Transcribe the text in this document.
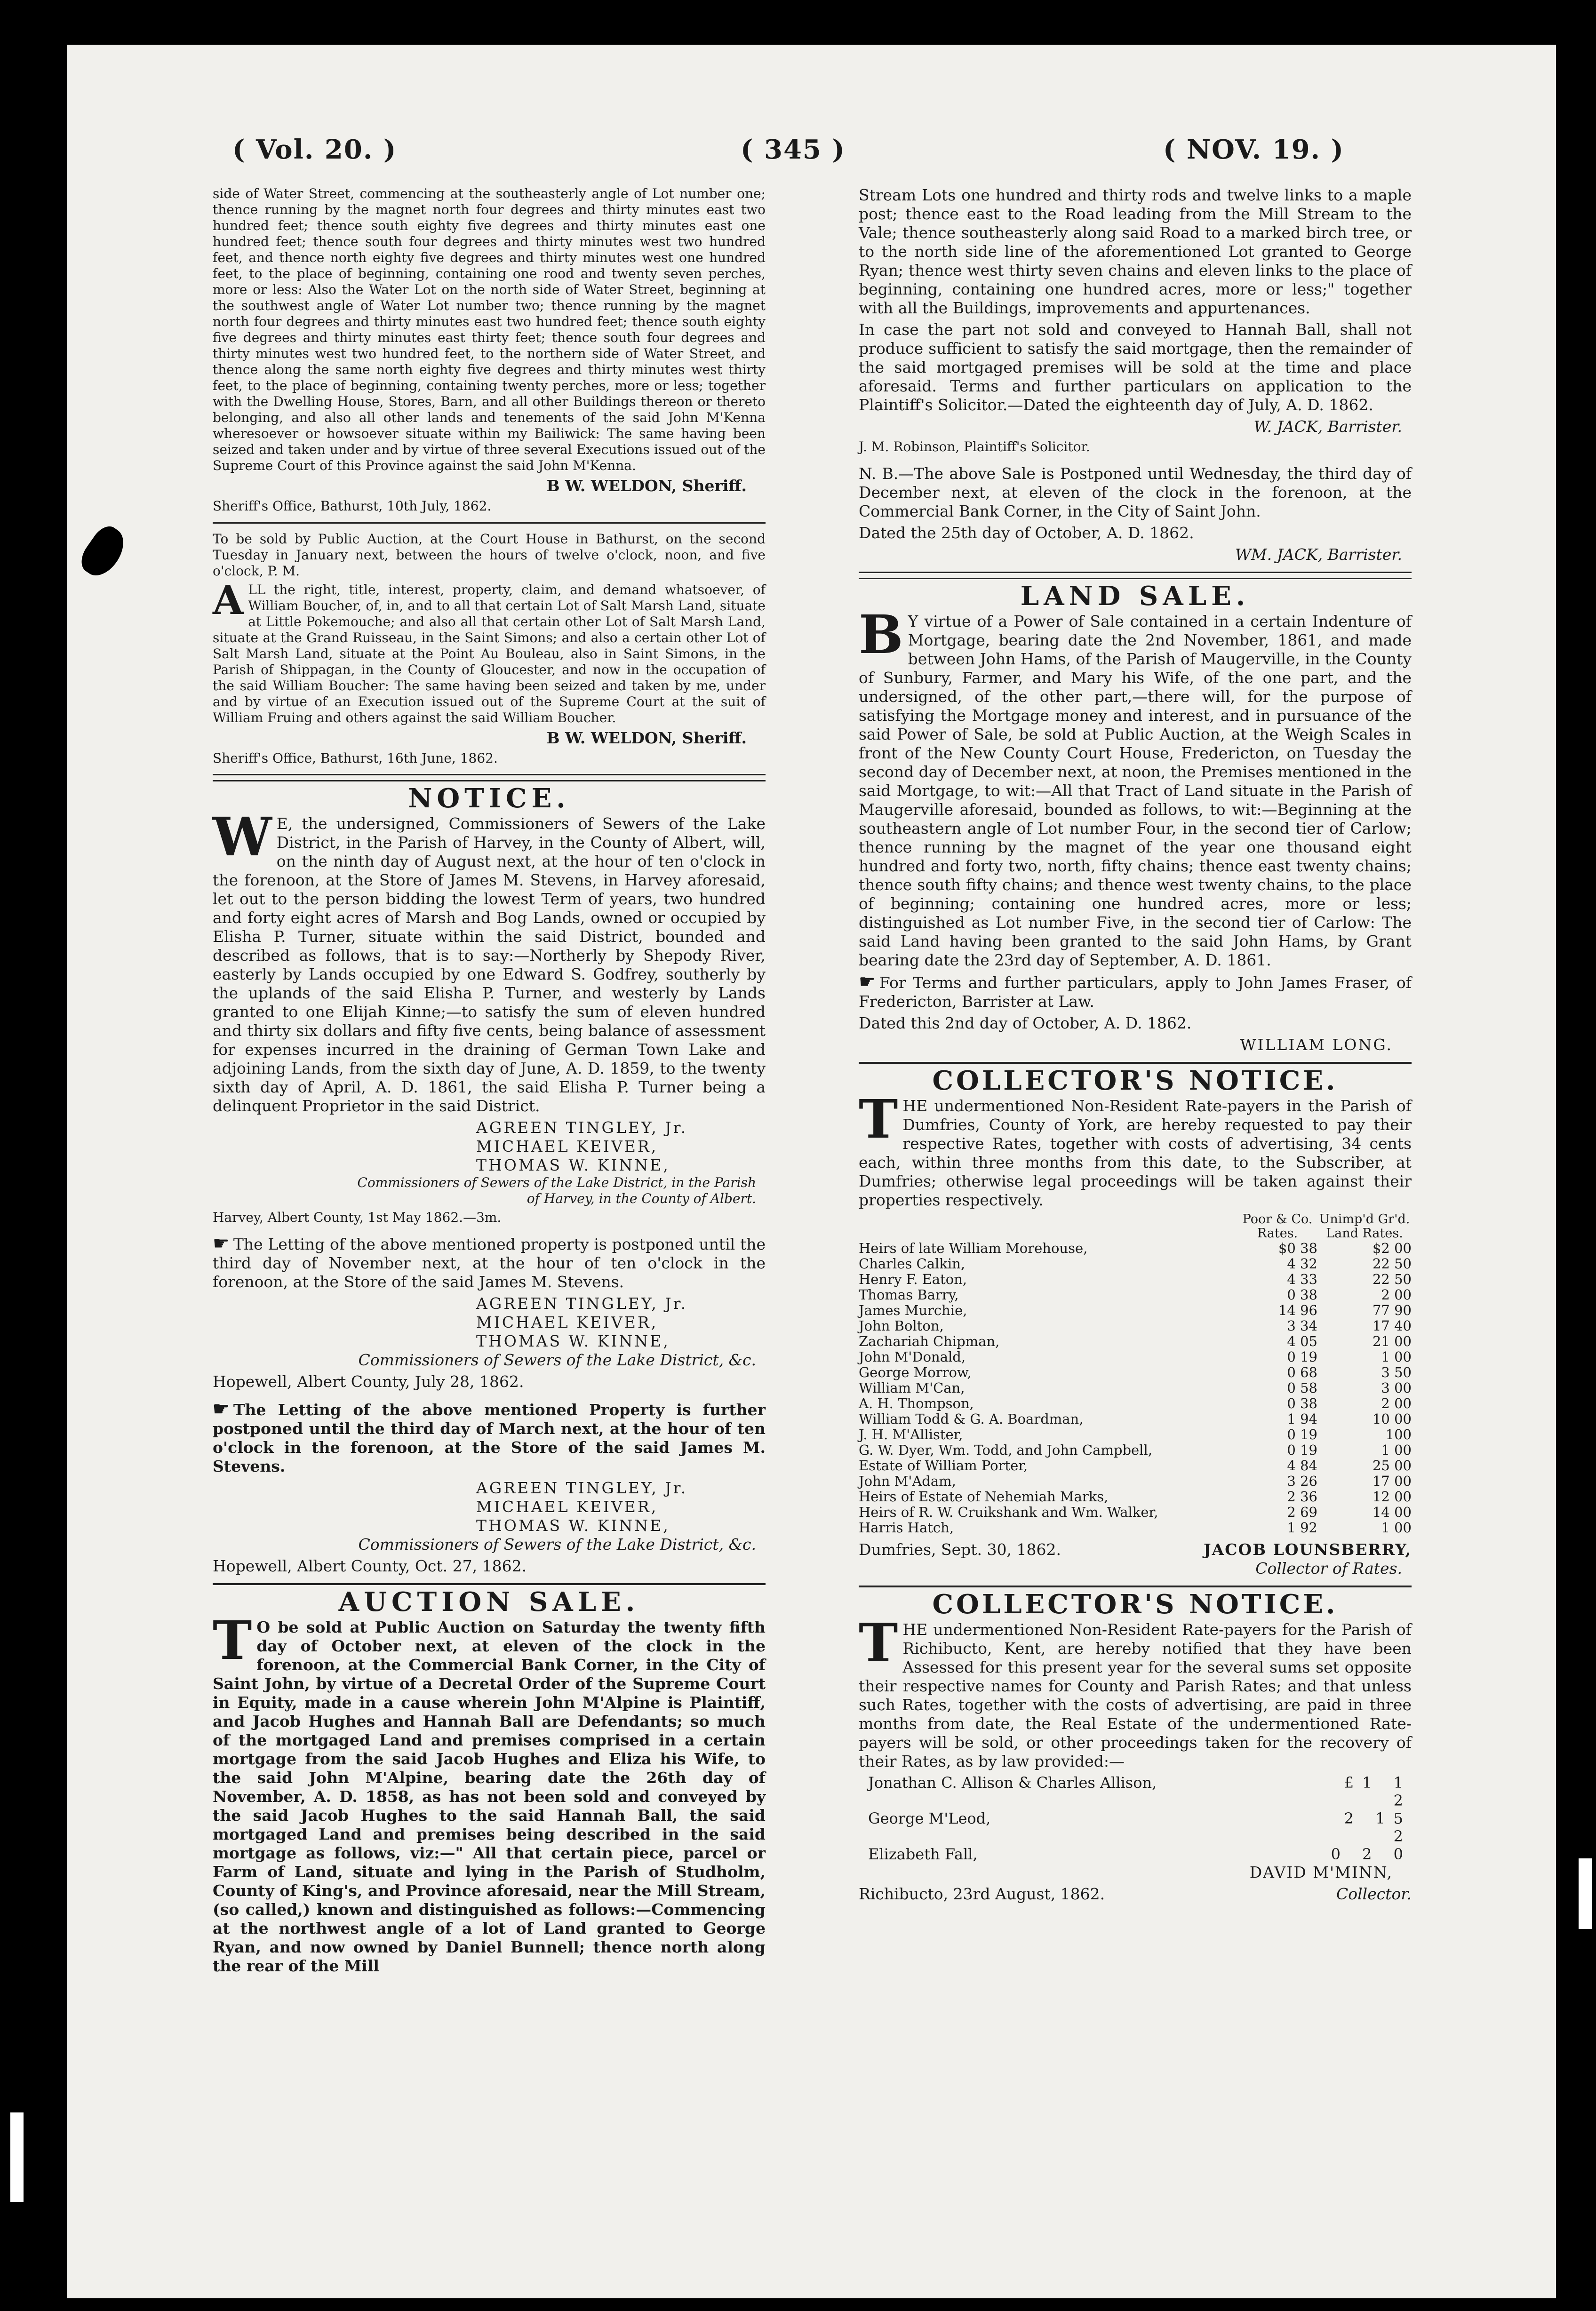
( Vol. 20. )	( 345 )	( NOV. 19. )

side of Water Street, commencing at the southeasterly angle of Lot number one; thence running by the magnet north four degrees and thirty minutes east two hundred feet; thence south eighty five degrees and thirty minutes east one hundred feet; thence south four degrees and thirty minutes west two hundred feet, and thence north eighty five degrees and thirty minutes west one hundred feet, to the place of beginning, containing one rood and twenty seven perches, more or less: Also the Water Lot on the north side of Water Street, beginning at the southwest angle of Water Lot number two; thence running by the magnet north four degrees and thirty minutes east two hundred feet; thence south eighty five degrees and thirty minutes east thirty feet; thence south four degrees and thirty minutes west two hundred feet, to the northern side of Water Street, and thence along the same north eighty five degrees and thirty minutes west thirty feet, to the place of beginning, containing twenty perches, more or less; together with the Dwelling House, Stores, Barn, and all other Buildings thereon or thereto belonging, and also all other lands and tenements of the said John M'Kenna wheresoever or howsoever situate within my Bailiwick: The same having been seized and taken under and by virtue of three several Executions issued out of the Supreme Court of this Province against the said John M'Kenna.

B W. WELDON, Sheriff.

Sheriff's Office, Bathurst, 10th July, 1862.

To be sold by Public Auction, at the Court House in Bathurst, on the second Tuesday in January next, between the hours of twelve o'clock, noon, and five o'clock, P. M.

ALL the right, title, interest, property, claim, and demand whatsoever, of William Boucher, of, in, and to all that certain Lot of Salt Marsh Land, situate at Little Pokemouche; and also all that certain other Lot of Salt Marsh Land, situate at the Grand Ruisseau, in the Saint Simons; and also a certain other Lot of Salt Marsh Land, situate at the Point Au Bouleau, also in Saint Simons, in the Parish of Shippagan, in the County of Gloucester, and now in the occupation of the said William Boucher: The same having been seized and taken by me, under and by virtue of an Execution issued out of the Supreme Court at the suit of William Fruing and others against the said William Boucher.

B W. WELDON, Sheriff.

Sheriff's Office, Bathurst, 16th June, 1862.

NOTICE.

W E, the undersigned, Commissioners of Sewers of the Lake District, in the Parish of Harvey, in the County of Albert, will, on the ninth day of August next, at the hour of ten o'clock in the forenoon, at the Store of James M. Stevens, in Harvey aforesaid, let out to the person bidding the lowest Term of years, two hundred and forty eight acres of Marsh and Bog Lands, owned or occupied by Elisha P. Turner, situate within the said District, bounded and described as follows, that is to say:—Northerly by Shepody River, easterly by Lands occupied by one Edward S. Godfrey, southerly by the uplands of the said Elisha P. Turner, and westerly by Lands granted to one Elijah Kinne;—to satisfy the sum of eleven hundred and thirty six dollars and fifty five cents, being balance of assessment for expenses incurred in the draining of German Town Lake and adjoining Lands, from the sixth day of June, A. D. 1859, to the twenty sixth day of April, A. D. 1861, the said Elisha P. Turner being a delinquent Proprietor in the said District.

AGREEN TINGLEY, Jr.
MICHAEL KEIVER,
THOMAS W. KINNE,

Commissioners of Sewers of the Lake District, in the Parish of Harvey, in the County of Albert.

Harvey, Albert County, 1st May 1862.—3m.

☛ The Letting of the above mentioned property is postponed until the third day of November next, at the hour of ten o'clock in the forenoon, at the Store of the said James M. Stevens.

AGREEN TINGLEY, Jr.
MICHAEL KEIVER,
THOMAS W. KINNE,

Commissioners of Sewers of the Lake District, &c.

Hopewell, Albert County, July 28, 1862.

☛ The Letting of the above mentioned Property is further postponed until the third day of March next, at the hour of ten o'clock in the forenoon, at the Store of the said James M. Stevens.

AGREEN TINGLEY, Jr.
MICHAEL KEIVER,
THOMAS W. KINNE,

Commissioners of Sewers of the Lake District, &c.

Hopewell, Albert County, Oct. 27, 1862.

AUCTION SALE.

T O be sold at Public Auction on Saturday the twenty fifth day of October next, at eleven of the clock in the forenoon, at the Commercial Bank Corner, in the City of Saint John, by virtue of a Decretal Order of the Supreme Court in Equity, made in a cause wherein John M'Alpine is Plaintiff, and Jacob Hughes and Hannah Ball are Defendants; so much of the mortgaged Land and premises comprised in a certain mortgage from the said Jacob Hughes and Eliza his Wife, to the said John M'Alpine, bearing date the 26th day of November, A. D. 1858, as has not been sold and conveyed by the said Jacob Hughes to the said Hannah Ball, the said mortgaged Land and premises being described in the said mortgage as follows, viz:—" All that certain piece, parcel or Farm of Land, situate and lying in the Parish of Studholm, County of King's, and Province aforesaid, near the Mill Stream, (so called,) known and distinguished as follows:—Commencing at the northwest angle of a lot of Land granted to George Ryan, and now owned by Daniel Bunnell; thence north along the rear of the Mill

Stream Lots one hundred and thirty rods and twelve links to a maple post; thence east to the Road leading from the Mill Stream to the Vale; thence southeasterly along said Road to a marked birch tree, or to the north side line of the aforementioned Lot granted to George Ryan; thence west thirty seven chains and eleven links to the place of beginning, containing one hundred acres, more or less;" together with all the Buildings, improvements and appurtenances.

In case the part not sold and conveyed to Hannah Ball, shall not produce sufficient to satisfy the said mortgage, then the remainder of the said mortgaged premises will be sold at the time and place aforesaid. Terms and further particulars on application to the Plaintiff's Solicitor.—Dated the eighteenth day of July, A. D. 1862.

W. JACK, Barrister.

J. M. Robinson, Plaintiff's Solicitor.

N. B.—The above Sale is Postponed until Wednesday, the third day of December next, at eleven of the clock in the forenoon, at the Commercial Bank Corner, in the City of Saint John.

Dated the 25th day of October, A. D. 1862.

WM. JACK, Barrister.

LAND SALE.

B Y virtue of a Power of Sale contained in a certain Indenture of Mortgage, bearing date the 2nd November, 1861, and made between John Hams, of the Parish of Maugerville, in the County of Sunbury, Farmer, and Mary his Wife, of the one part, and the undersigned, of the other part,—there will, for the purpose of satisfying the Mortgage money and interest, and in pursuance of the said Power of Sale, be sold at Public Auction, at the Weigh Scales in front of the New County Court House, Fredericton, on Tuesday the second day of December next, at noon, the Premises mentioned in the said Mortgage, to wit:—All that Tract of Land situate in the Parish of Maugerville aforesaid, bounded as follows, to wit:—Beginning at the southeastern angle of Lot number Four, in the second tier of Carlow; thence running by the magnet of the year one thousand eight hundred and forty two, north, fifty chains; thence east twenty chains; thence south fifty chains; and thence west twenty chains, to the place of beginning; containing one hundred acres, more or less; distinguished as Lot number Five, in the second tier of Carlow: The said Land having been granted to the said John Hams, by Grant bearing date the 23rd day of September, A. D. 1861.

☛ For Terms and further particulars, apply to John James Fraser, of Fredericton, Barrister at Law.

Dated this 2nd day of October, A. D. 1862.

WILLIAM LONG.

COLLECTOR'S NOTICE.

THE undermentioned Non-Resident Rate-payers in the Parish of Dumfries, County of York, are hereby requested to pay their respective Rates, together with costs of advertising, 34 cents each, within three months from this date, to the Subscriber, at Dumfries; otherwise legal proceedings will be taken against their properties respectively.

Poor & Co. Rates.
Unimp'd Gr'd. Land Rates.
Heirs of late William Morehouse,	$0 38	$2 00
Charles Calkin,	4 32	22 50
Henry F. Eaton,	4 33	22 50
Thomas Barry,	0 38	2 00
James Murchie,	14 96	77 90
John Bolton,	3 34	17 40
Zachariah Chipman,	4 05	21 00
John M'Donald,	0 19	1 00
George Morrow,	0 68	3 50
William M'Can,	0 58	3 00
A. H. Thompson,	0 38	2 00
William Todd & G. A. Boardman,	1 94	10 00
J. H. M'Allister,	0 19	100
G. W. Dyer, Wm. Todd, and John Campbell,	0 19	1 00
Estate of William Porter,	4 84	25 00
John M'Adam,	3 26	17 00
Heirs of Estate of Nehemiah Marks,	2 36	12 00
Heirs of R. W. Cruikshank and Wm. Walker,	2 69	14 00
Harris Hatch,	1 92	1 00
Dumfries, Sept. 30, 1862.	JACOB LOUNSBERRY,

Collector of Rates.

COLLECTOR'S NOTICE.

THE undermentioned Non-Resident Rate-payers for the Parish of Richibucto, Kent, are hereby notified that they have been Assessed for this present year for the several sums set opposite their respective names for County and Parish Rates; and that unless such Rates, together with the costs of advertising, are paid in three months from date, the Real Estate of the undermentioned Rate-payers will be sold, or other proceedings taken for the recovery of their Rates, as by law provided:—

Jonathan C. Allison & Charles Allison,	£1 1 2
George M'Leod,	2 15 2
Elizabeth Fall,	0 2 0

DAVID M'MINN,

Richibucto, 23rd August, 1862.	Collector.
